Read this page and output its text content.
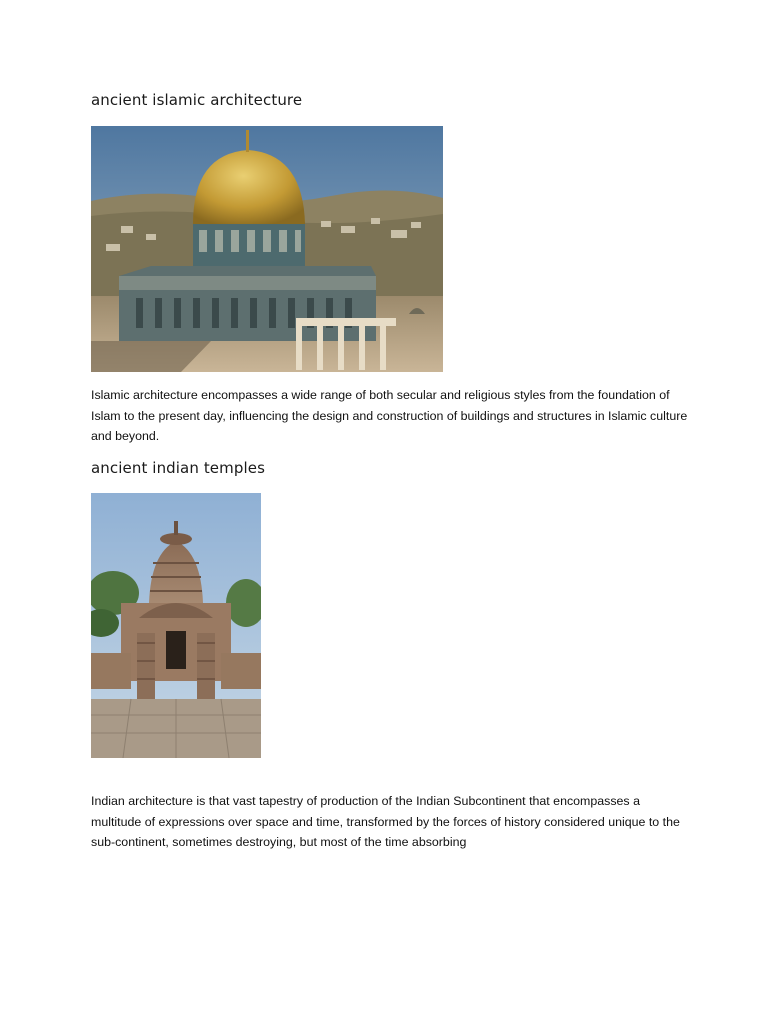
ancient islamic architecture

Islamic architecture encompasses a wide range of both secular and religious styles from the foundation of Islam to the present day, influencing the design and construction of buildings and structures in Islamic culture and beyond.

ancient indian temples

Indian architecture is that vast tapestry of production of the Indian Subcontinent that encompasses a multitude of expressions over space and time, transformed by the forces of history considered unique to the sub-continent, sometimes destroying, but most of the time absorbing
